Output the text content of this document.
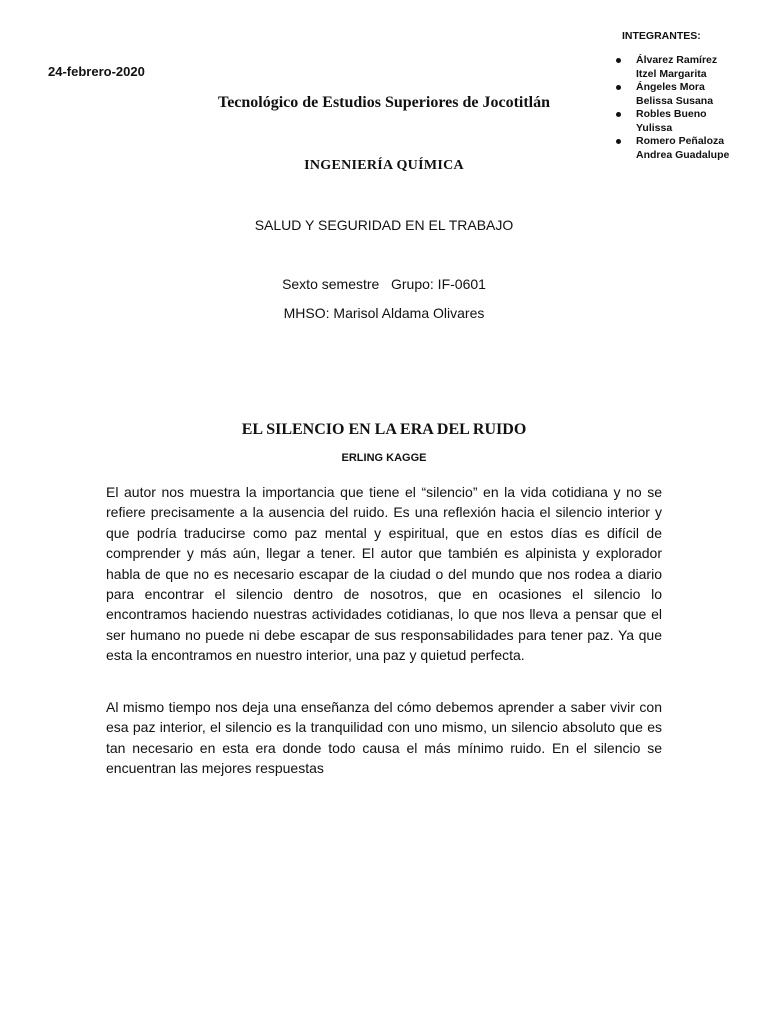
24-febrero-2020
INTEGRANTES:
Álvarez Ramírez
Itzel Margarita
Ángeles Mora
Belissa Susana
Robles Bueno
Yulissa
Romero Peñaloza
Andrea Guadalupe
Tecnológico de Estudios Superiores de Jocotitlán
INGENIERÍA QUÍMICA
SALUD Y SEGURIDAD EN EL TRABAJO
Sexto semestre   Grupo: IF-0601
MHSO: Marisol Aldama Olivares
EL SILENCIO EN LA ERA DEL RUIDO
ERLING KAGGE

El autor nos muestra la importancia que tiene el “silencio” en la vida cotidiana y no se refiere precisamente a la ausencia del ruido. Es una reflexión hacia el silencio interior y que podría traducirse como paz mental y espiritual, que en estos días es difícil de comprender y más aún, llegar a tener. El autor que también es alpinista y explorador habla de que no es necesario escapar de la ciudad o del mundo que nos rodea a diario para encontrar el silencio dentro de nosotros, que en ocasiones el silencio lo encontramos haciendo nuestras actividades cotidianas, lo que nos lleva a pensar que el ser humano no puede ni debe escapar de sus responsabilidades para tener paz. Ya que esta la encontramos en nuestro interior, una paz y quietud perfecta.

Al mismo tiempo nos deja una enseñanza del cómo debemos aprender a saber vivir con esa paz interior, el silencio es la tranquilidad con uno mismo, un silencio absoluto que es tan necesario en esta era donde todo causa el más mínimo ruido. En el silencio se encuentran las mejores respuestas
